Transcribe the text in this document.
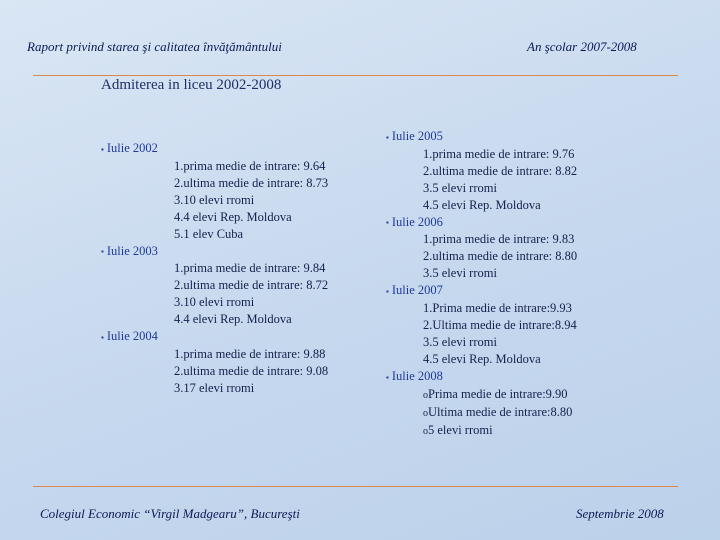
Raport privind starea şi calitatea învăţământului	An şcolar 2007-2008
Admiterea in liceu 2002-2008
▪ Iulie 2002
1.prima medie de intrare: 9.64
2.ultima medie de intrare: 8.73
3.10 elevi rromi
4.4 elevi Rep. Moldova
5.1 elev Cuba
▪ Iulie 2003
1.prima medie de intrare: 9.84
2.ultima medie de intrare: 8.72
3.10 elevi rromi
4.4 elevi Rep. Moldova
▪ Iulie 2004
1.prima medie de intrare: 9.88
2.ultima medie de intrare: 9.08
3.17 elevi rromi
▪ Iulie 2005
1.prima medie de intrare: 9.76
2.ultima medie de intrare: 8.82
3.5 elevi rromi
4.5 elevi Rep. Moldova
▪ Iulie 2006
1.prima medie de intrare: 9.83
2.ultima medie de intrare: 8.80
3.5 elevi rromi
▪ Iulie 2007
1.Prima medie de intrare:9.93
2.Ultima medie de intrare:8.94
3.5 elevi rromi
4.5 elevi Rep. Moldova
▪ Iulie 2008
oPrima medie de intrare:9.90
oUltima medie de intrare:8.80
o5 elevi rromi
Colegiul Economic “Virgil Madgearu”, Bucureşti	Septembrie 2008
